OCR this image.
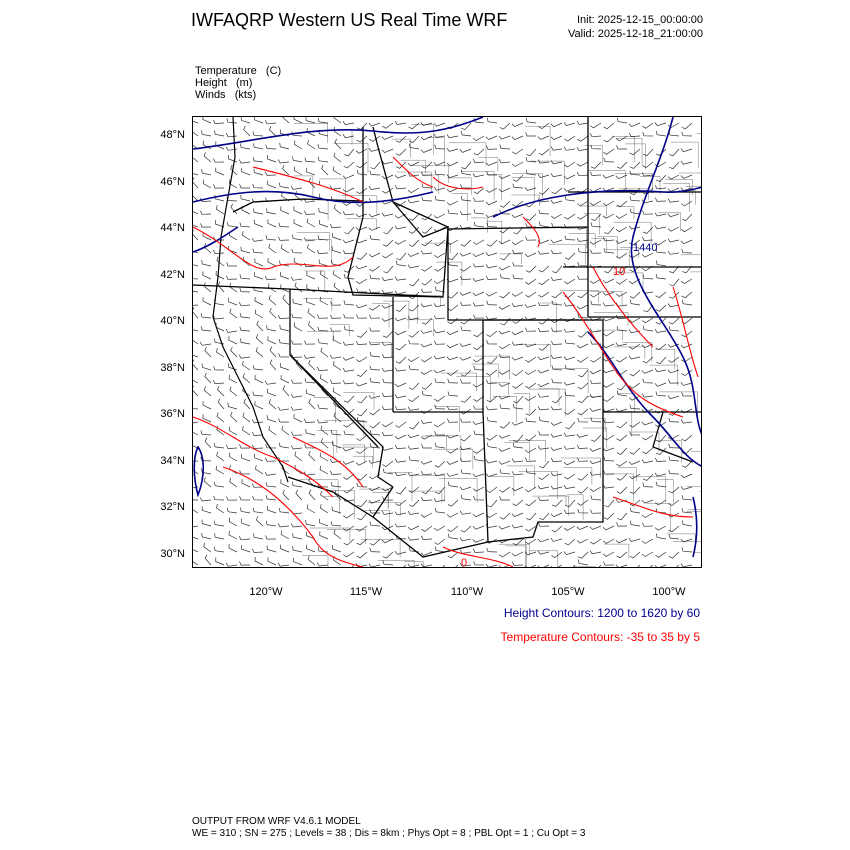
IWFAQRP Western US Real Time WRF	Init: 2025-12-15_00:00:00
Valid: 2025-12-18_21:00:00
Temperature   (C)
Height   (m)
Winds   (kts)
48°N
46°N
44°N
42°N
40°N
38°N
36°N
34°N
32°N
30°N
120°W	115°W	110°W	105°W	100°W
1440
10
0
Height Contours: 1200 to 1620 by 60
Temperature Contours: -35 to 35 by 5
OUTPUT FROM WRF V4.6.1 MODEL
WE = 310 ; SN = 275 ; Levels = 38 ; Dis = 8km ; Phys Opt = 8 ; PBL Opt = 1 ; Cu Opt = 3
